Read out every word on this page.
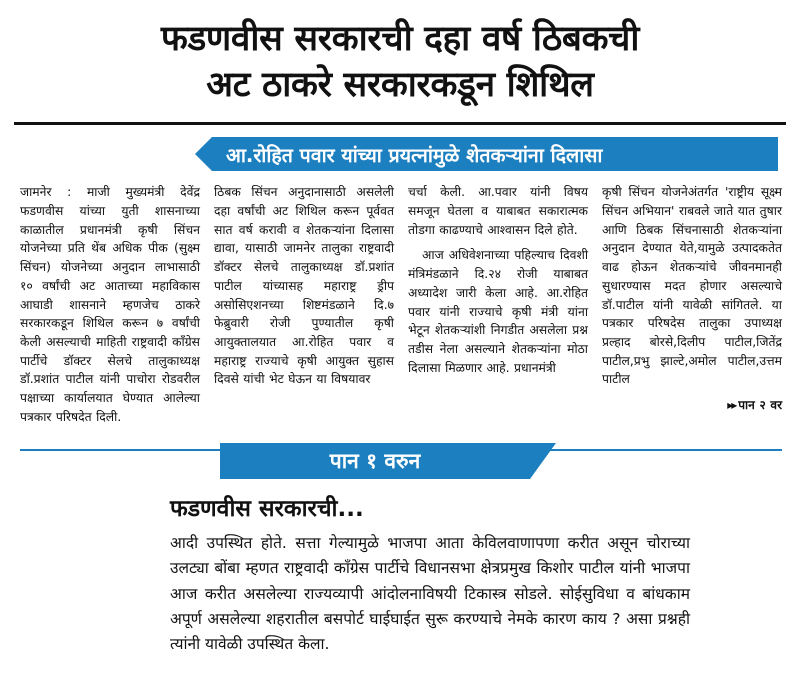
फडणवीस सरकारची दहा वर्ष ठिबकची
अट ठाकरे सरकारकडून शिथिल
आ.रोहित पवार यांच्या प्रयत्नांमुळे शेतकऱ्यांना दिलासा

जामनेर : माजी मुख्यमंत्री देवेंद्र फडणवीस यांच्या युती शासनाच्या काळातील प्रधानमंत्री कृषी सिंचन योजनेच्या प्रति थेंब अधिक पीक (सुक्ष्म सिंचन) योजनेच्या अनुदान लाभासाठी १० वर्षांची अट आताच्या महाविकास आघाडी शासनाने म्हणजेच ठाकरे सरकारकडून शिथिल करून ७ वर्षांची केली असल्याची माहिती राष्ट्रवादी कॉंग्रेस पार्टीचे डॉक्टर सेलचे तालुकाध्यक्ष डॉ.प्रशांत पाटील यांनी पाचोरा रोडवरील पक्षाच्या कार्यालयात घेण्यात आलेल्या पत्रकार परिषदेत दिली.

ठिबक सिंचन अनुदानासाठी असलेली दहा वर्षांची अट शिथिल करून पूर्ववत सात वर्ष करावी व शेतकऱ्यांना दिलासा द्यावा, यासाठी जामनेर तालुका राष्ट्रवादी डॉक्टर सेलचे तालुकाध्यक्ष डॉ.प्रशांत पाटील यांच्यासह महाराष्ट्र ड्रीप असोसिएशनच्या शिष्टमंडळाने दि.७ फेब्रुवारी रोजी पुण्यातील कृषी आयुक्तालयात आ.रोहित पवार व महाराष्ट्र राज्याचे कृषी आयुक्त सुहास दिवसे यांची भेट घेऊन या विषयावर

चर्चा केली. आ.पवार यांनी विषय समजून घेतला व याबाबत सकारात्मक तोडगा काढण्याचे आश्वासन दिले होते.

आज अधिवेशनाच्या पहिल्याच दिवशी मंत्रिमंडळाने दि.२४ रोजी याबाबत अध्यादेश जारी केला आहे. आ.रोहित पवार यांनी राज्याचे कृषी मंत्री यांना भेटून शेतकऱ्यांशी निगडीत असलेला प्रश्न तडीस नेला असल्याने शेतकऱ्यांना मोठा दिलासा मिळणार आहे. प्रधानमंत्री

कृषी सिंचन योजनेअंतर्गत 'राष्ट्रीय सूक्ष्म सिंचन अभियान' राबवले जाते यात तुषार आणि ठिबक सिंचनासाठी शेतकऱ्यांना अनुदान देण्यात येते,यामुळे उत्पादकतेत वाढ होऊन शेतकऱ्यांचे जीवनमानही सुधारण्यास मदत होणार असल्याचे डॉ.पाटील यांनी यावेळी सांगितले. या पत्रकार परिषदेस तालुका उपाध्यक्ष प्रल्हाद बोरसे,दिलीप पाटील,जितेंद्र पाटील,प्रभु झाल्टे,अमोल पाटील,उत्तम पाटील

▸▸ पान २ वर
पान १ वरुन
फडणवीस सरकारची...

आदी उपस्थित होते. सत्ता गेल्यामुळे भाजपा आता केविलवाणापणा करीत असून चोराच्या उलट्या बोंबा म्हणत राष्ट्रवादी कॉंग्रेस पार्टीचे विधानसभा क्षेत्रप्रमुख किशोर पाटील यांनी भाजपा आज करीत असलेल्या राज्यव्यापी आंदोलनाविषयी टिकास्त्र सोडले. सोईसुविधा व बांधकाम अपूर्ण असलेल्या शहरातील बसपोर्ट घाईघाईत सुरू करण्याचे नेमके कारण काय ? असा प्रश्नही त्यांनी यावेळी उपस्थित केला.
